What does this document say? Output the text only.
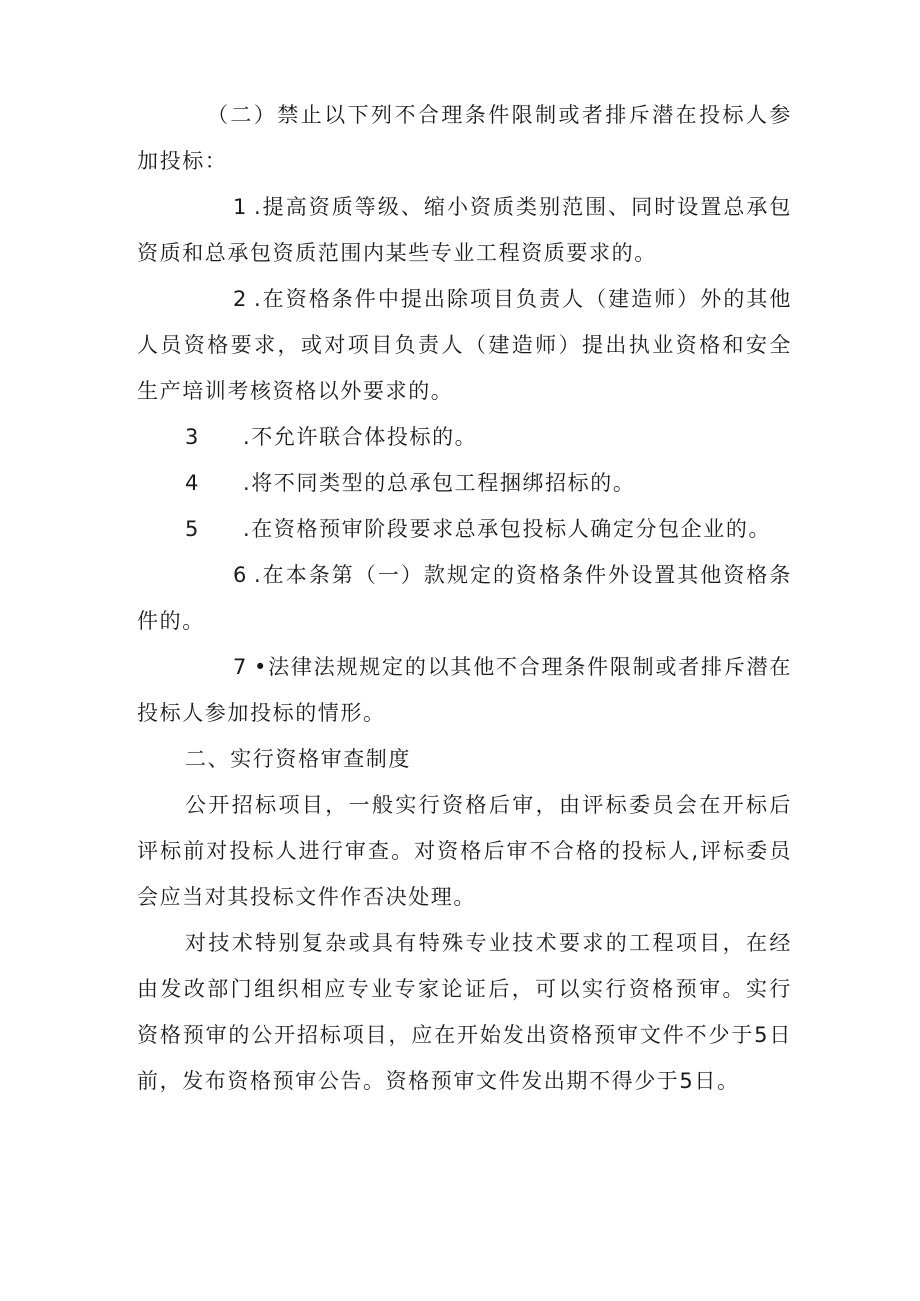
（二）禁止以下列不合理条件限制或者排斥潜在投标人参加投标：

1 .提高资质等级、缩小资质类别范围、同时设置总承包资质和总承包资质范围内某些专业工程资质要求的。

2 .在资格条件中提出除项目负责人（建造师）外的其他人员资格要求，或对项目负责人（建造师）提出执业资格和安全生产培训考核资格以外要求的。

3 .不允许联合体投标的。

4 .将不同类型的总承包工程捆绑招标的。

5 .在资格预审阶段要求总承包投标人确定分包企业的。

6 .在本条第（一）款规定的资格条件外设置其他资格条件的。

7 •法律法规规定的以其他不合理条件限制或者排斥潜在投标人参加投标的情形。

二、实行资格审查制度

公开招标项目，一般实行资格后审，由评标委员会在开标后评标前对投标人进行审查。对资格后审不合格的投标人,评标委员会应当对其投标文件作否决处理。

对技术特别复杂或具有特殊专业技术要求的工程项目，在经由发改部门组织相应专业专家论证后，可以实行资格预审。实行资格预审的公开招标项目，应在开始发出资格预审文件不少于5日前，发布资格预审公告。资格预审文件发出期不得少于5日。
